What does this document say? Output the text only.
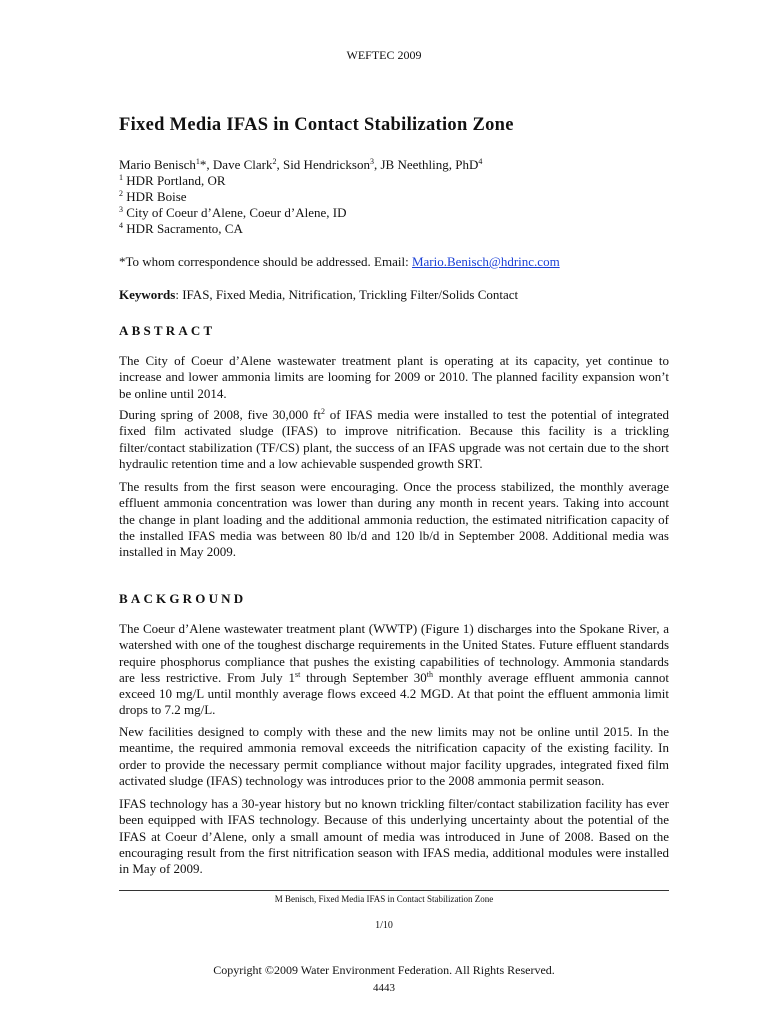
WEFTEC 2009
Fixed Media IFAS in Contact Stabilization Zone
Mario Benisch$^1$*, Dave Clark$^2$, Sid Hendrickson$^3$, JB Neethling, PhD$^4$
$^1$ HDR Portland, OR
$^2$ HDR Boise
$^3$ City of Coeur d’Alene, Coeur d’Alene, ID
$^4$ HDR Sacramento, CA
*To whom correspondence should be addressed. Email: Mario.Benisch@hdrinc.com
Keywords: IFAS, Fixed Media, Nitrification, Trickling Filter/Solids Contact
ABSTRACT

The City of Coeur d’Alene wastewater treatment plant is operating at its capacity, yet continue to increase and lower ammonia limits are looming for 2009 or 2010. The planned facility expansion won’t be online until 2014.

During spring of 2008, five 30,000 $ft^2$ of IFAS media were installed to test the potential of integrated fixed film activated sludge (IFAS) to improve nitrification. Because this facility is a trickling filter/contact stabilization (TF/CS) plant, the success of an IFAS upgrade was not certain due to the short hydraulic retention time and a low achievable suspended growth SRT.

The results from the first season were encouraging. Once the process stabilized, the monthly average effluent ammonia concentration was lower than during any month in recent years. Taking into account the change in plant loading and the additional ammonia reduction, the estimated nitrification capacity of the installed IFAS media was between 80 lb/d and 120 lb/d in September 2008. Additional media was installed in May 2009.

BACKGROUND

The Coeur d’Alene wastewater treatment plant (WWTP) (Figure 1) discharges into the Spokane River, a watershed with one of the toughest discharge requirements in the United States. Future effluent standards require phosphorus compliance that pushes the existing capabilities of technology. Ammonia standards are less restrictive. From July 1st through September 30th monthly average effluent ammonia cannot exceed 10 mg/L until monthly average flows exceed 4.2 MGD. At that point the effluent ammonia limit drops to 7.2 mg/L.

New facilities designed to comply with these and the new limits may not be online until 2015. In the meantime, the required ammonia removal exceeds the nitrification capacity of the existing facility. In order to provide the necessary permit compliance without major facility upgrades, integrated fixed film activated sludge (IFAS) technology was introduces prior to the 2008 ammonia permit season.

IFAS technology has a 30-year history but no known trickling filter/contact stabilization facility has ever been equipped with IFAS technology. Because of this underlying uncertainty about the potential of the IFAS at Coeur d’Alene, only a small amount of media was introduced in June of 2008. Based on the encouraging result from the first nitrification season with IFAS media, additional modules were installed in May of 2009.

M Benisch, Fixed Media IFAS in Contact Stabilization Zone
1/10
Copyright ©2009 Water Environment Federation. All Rights Reserved.
4443
